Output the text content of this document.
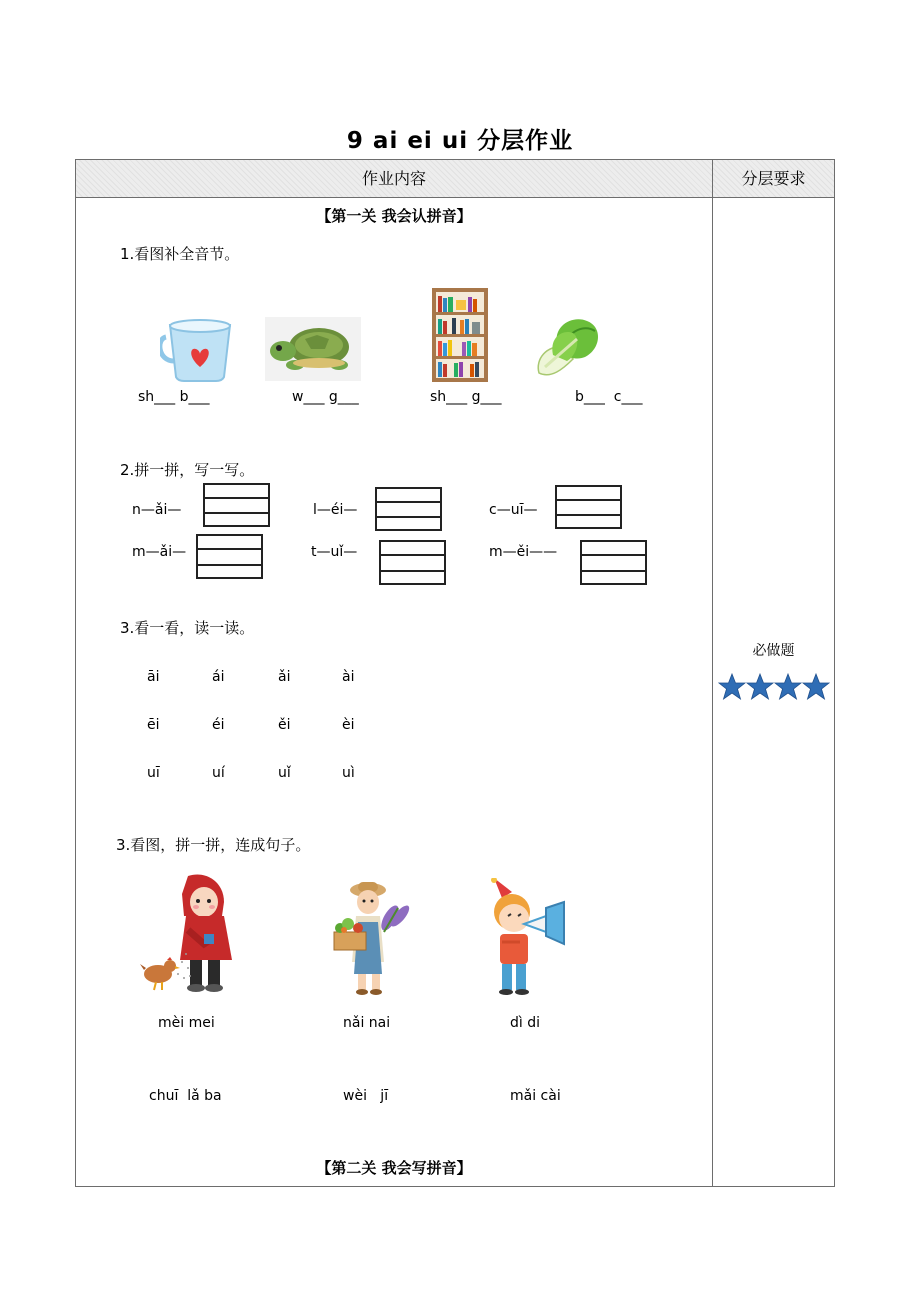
9 ai ei ui 分层作业
作业内容	分层要求
【第一关 我会认拼音】
1.看图补全音节。
sh___ b___	w___ g___	sh___ g___	b___  c___
2.拼一拼，写一写。
n—ǎi—	l—éi—	c—uī—
m—ǎi—	t—uǐ—	m—ěi——
3.看一看，读一读。
āi	ái	ǎi	ài
ēi	éi	ěi	èi
uī	uí	uǐ	uì
3.看图，拼一拼，连成句子。
mèi mei	nǎi nai	dì di
chuī  lǎ ba	wèi   jī	mǎi cài
【第二关 我会写拼音】
必做题
